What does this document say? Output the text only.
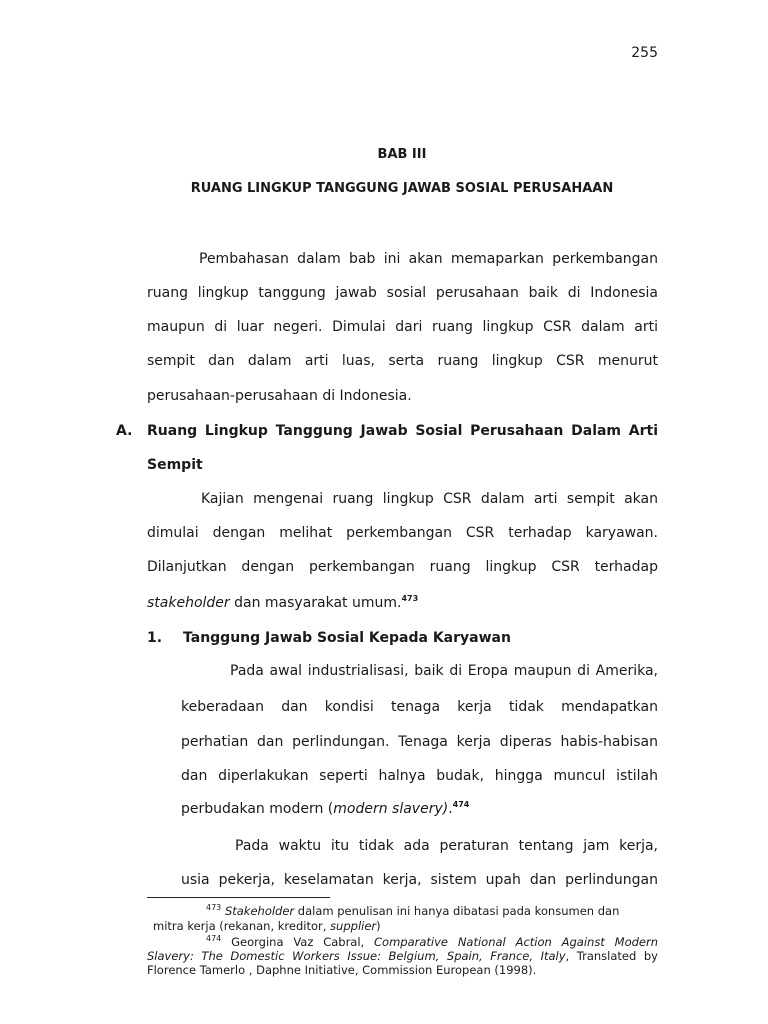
255
BAB III
RUANG LINGKUP TANGGUNG JAWAB SOSIAL PERUSAHAAN
Pembahasan dalam bab ini akan memaparkan perkembangan
ruang lingkup tanggung jawab sosial perusahaan baik di Indonesia
maupun di luar negeri. Dimulai dari ruang lingkup CSR dalam arti
sempit dan dalam arti luas, serta ruang lingkup CSR menurut
perusahaan-perusahaan di Indonesia.
A. Ruang Lingkup Tanggung Jawab Sosial Perusahaan Dalam Arti
Sempit
Kajian mengenai ruang lingkup CSR dalam arti sempit akan
dimulai dengan melihat perkembangan CSR terhadap karyawan.
Dilanjutkan dengan perkembangan ruang lingkup CSR terhadap
stakeholder dan masyarakat umum.$^{473}$
1. Tanggung Jawab Sosial Kepada Karyawan
Pada awal industrialisasi, baik di Eropa maupun di Amerika,
keberadaan dan kondisi tenaga kerja tidak mendapatkan
perhatian dan perlindungan. Tenaga kerja diperas habis-habisan
dan diperlakukan seperti halnya budak, hingga muncul istilah
perbudakan modern (modern slavery).$^{474}$
Pada waktu itu tidak ada peraturan tentang jam kerja,
usia pekerja, keselamatan kerja, sistem upah dan perlindungan
$^{473}$ Stakeholder dalam penulisan ini hanya dibatasi pada konsumen dan
mitra kerja (rekanan, kreditor, supplier)
$^{474}$ Georgina Vaz Cabral, Comparative National Action Against Modern
Slavery: The Domestic Workers Issue: Belgium, Spain, France, Italy, Translated by
Florence Tamerlo , Daphne Initiative, Commission European (1998).
